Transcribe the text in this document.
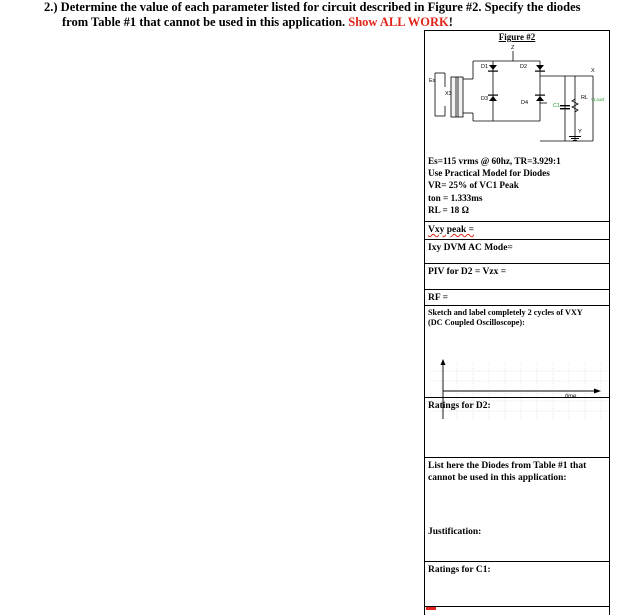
2.) Determine the value of each parameter listed for circuit described in Figure #2. Specify the diodes
from Table #1 that cannot be used in this application. Show ALL WORK!
Figure #2
Z
X
Y
Es
X3
D1	D2
D3
D4	C1
RL VLoad
Es=115 vrms @ 60hz, TR=3.929:1
Use Practical Model for Diodes
VR= 25% of VC1 Peak
ton = 1.333ms
RL = 18 Ω
Vxy peak =
Ixy DVM AC Mode=
PIV for D2 = Vzx =
RF =
Sketch and label completely 2 cycles of VXY
(DC Coupled Oscilloscope):
time
Ratings for D2:
List here the Diodes from Table #1 that cannot be used in this application:
Justification:
Ratings for C1:
